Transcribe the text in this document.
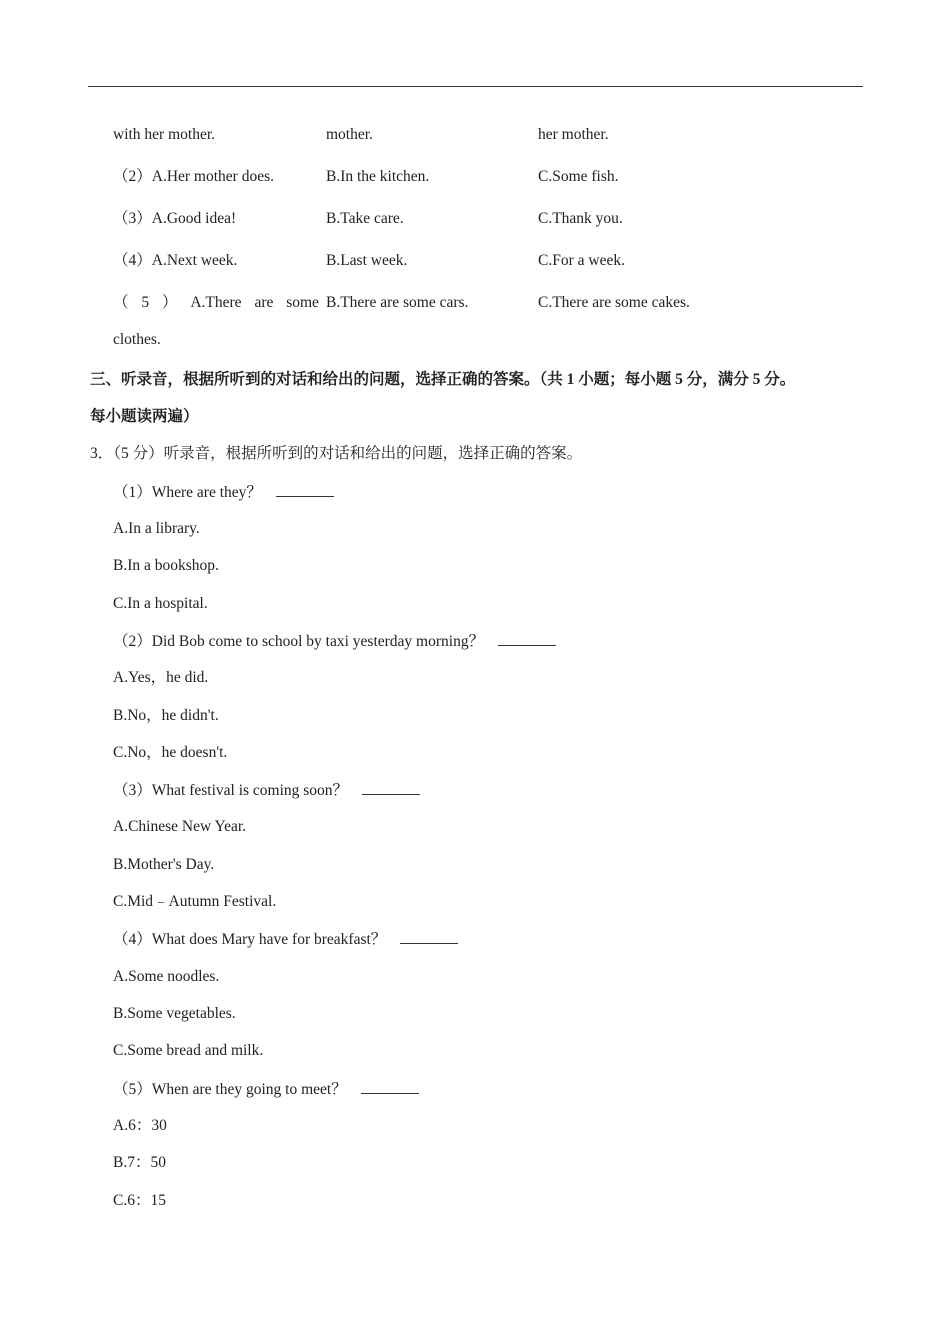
with her mother.	mother.	her mother.
（2）A.Her mother does.	B.In the kitchen.	C.Some fish.
（3）A.Good idea!	B.Take care.	C.Thank you.
（4）A.Next week.	B.Last week.	C.For a week.
（ 5 ） A.There are some B.There are some cars.	C.There are some cakes.
clothes.
三、听录音，根据所听到的对话和给出的问题，选择正确的答案。（共 1 小题；每小题 5 分，满分 5 分。
每小题读两遍）
3．（5 分）听录音，根据所听到的对话和给出的问题，选择正确的答案。
（1）Where are they？
A.In a library.
B.In a bookshop.
C.In a hospital.
（2）Did Bob come to school by taxi yesterday morning？
A.Yes，he did.
B.No，he didn't.
C.No，he doesn't.
（3）What festival is coming soon？
A.Chinese New Year.
B.Mother's Day.
C.Mid﹣Autumn Festival.
（4）What does Mary have for breakfast？
A.Some noodles.
B.Some vegetables.
C.Some bread and milk.
（5）When are they going to meet？
A.6：30
B.7：50
C.6：15
